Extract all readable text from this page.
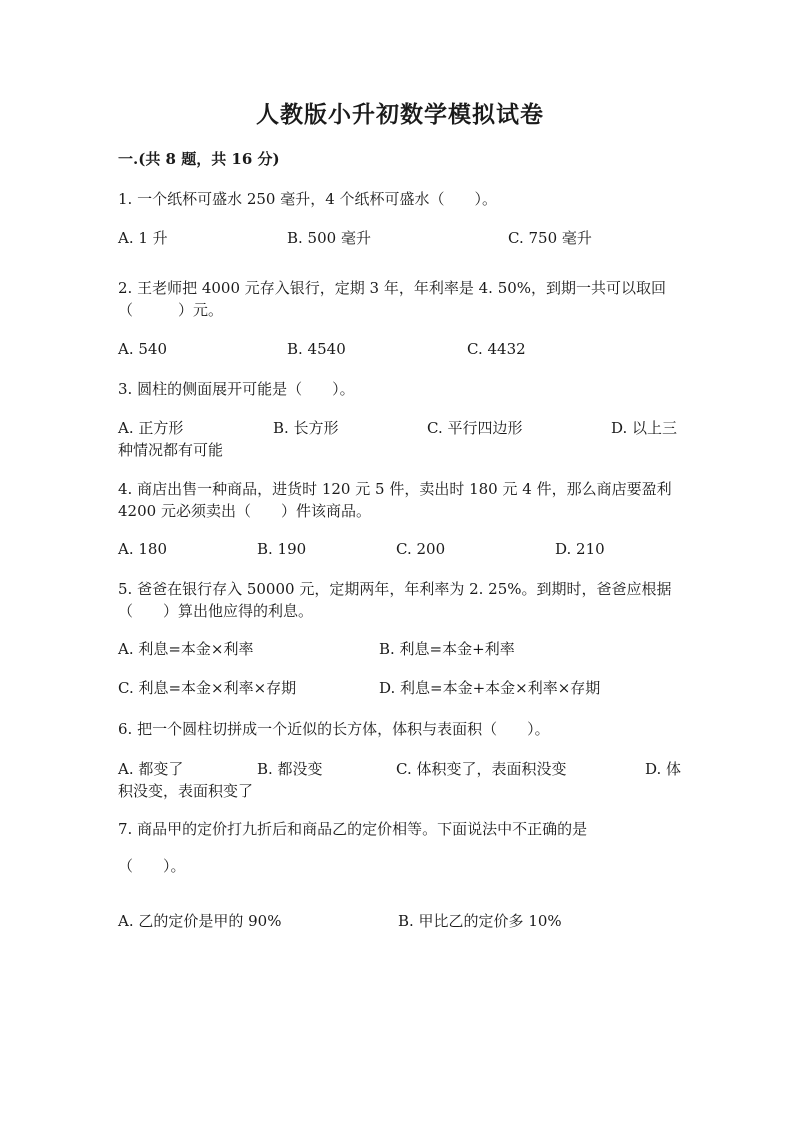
人教版小升初数学模拟试卷
一.(共 8 题，共 16 分)
1. 一个纸杯可盛水 250 毫升，4 个纸杯可盛水（　　）。
A. 1 升	B. 500 毫升	C. 750 毫升
2. 王老师把 4000 元存入银行，定期 3 年，年利率是 4. 50%，到期一共可以取回（　　　）元。
A. 540	B. 4540	C. 4432
3. 圆柱的侧面展开可能是（　　）。
A. 正方形	B. 长方形	C. 平行四边形	D. 以上三种情况都有可能
4. 商店出售一种商品，进货时 120 元 5 件，卖出时 180 元 4 件，那么商店要盈利 4200 元必须卖出（　　）件该商品。
A. 180	B. 190	C. 200	D. 210
5. 爸爸在银行存入 50000 元，定期两年，年利率为 2. 25%。到期时，爸爸应根据（　　）算出他应得的利息。
A. 利息=本金×利率	B. 利息=本金+利率
C. 利息=本金×利率×存期	D. 利息=本金+本金×利率×存期
6. 把一个圆柱切拼成一个近似的长方体，体积与表面积（　　）。
A. 都变了	B. 都没变	C. 体积变了，表面积没变	D. 体积没变，表面积变了
7. 商品甲的定价打九折后和商品乙的定价相等。下面说法中不正确的是
（　　）。
A. 乙的定价是甲的 90%	B. 甲比乙的定价多 10%
